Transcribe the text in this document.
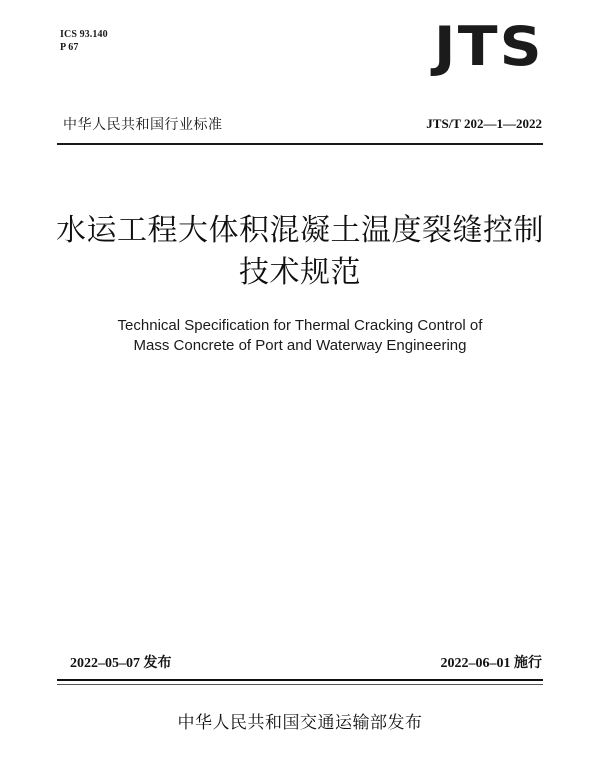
ICS 93.140
P 67	JTS
中华人民共和国行业标准	JTS/T 202—1—2022
水运工程大体积混凝土温度裂缝控制
技术规范
Technical Specification for Thermal Cracking Control of
Mass Concrete of Port and Waterway Engineering
2022–05–07 发布	2022–06–01 施行
中华人民共和国交通运输部发布
